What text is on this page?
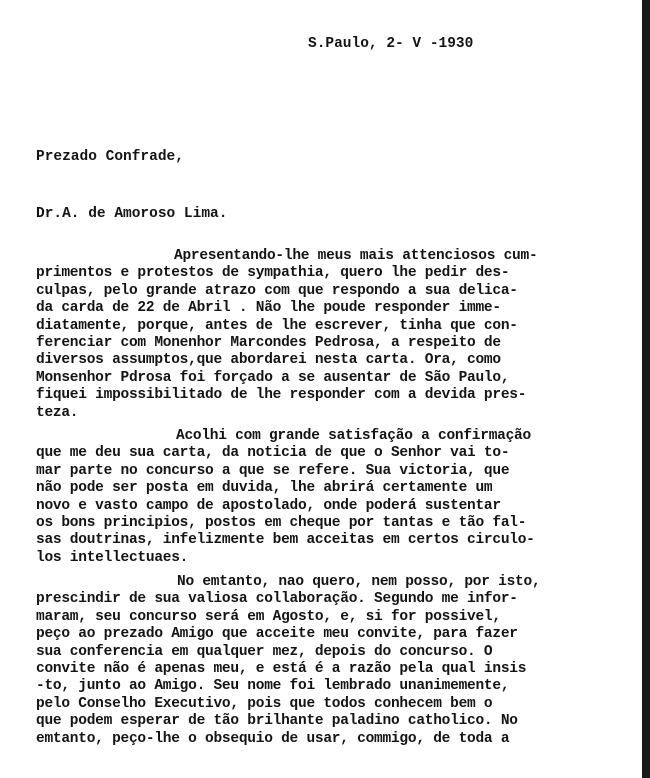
S.Paulo, 2- V -1930

Prezado Confrade,

Dr.A. de Amoroso Lima.

Apresentando-lhe meus mais attenciosos cum-
primentos e protestos de sympathia, quero lhe pedir des-
culpas, pelo grande atrazo com que respondo a sua delica-
da carda de 22 de Abril . Não lhe poude responder imme-
diatamente, porque, antes de lhe escrever, tinha que con-
ferenciar com Monenhor Marcondes Pedrosa, a respeito de
diversos assumptos,que abordarei nesta carta. Ora, como
Monsenhor Pdrosa foi forçado a se ausentar de São Paulo,
fiquei impossibilitado de lhe responder com a devida pres-
teza.
Acolhi com grande satisfação a confirmação
que me deu sua carta, da noticia de que o Senhor vai to-
mar parte no concurso a que se refere. Sua victoria, que
não pode ser posta em duvida, lhe abrirá certamente um
novo e vasto campo de apostolado, onde poderá sustentar
os bons principios, postos em cheque por tantas e tão fal-
sas doutrinas, infelizmente bem acceitas em certos circulo-
los intellectuaes.
No emtanto, nao quero, nem posso, por isto,
prescindir de sua valiosa collaboração. Segundo me infor-
maram, seu concurso será em Agosto, e, si for possivel,
peço ao prezado Amigo que acceite meu convite, para fazer
sua conferencia em qualquer mez, depois do concurso. O
convite não é apenas meu, e está é a razão pela qual insis
-to, junto ao Amigo. Seu nome foi lembrado unanimemente,
pelo Conselho Executivo, pois que todos conhecem bem o
que podem esperar de tão brilhante paladino catholico. No
emtanto, peço-lhe o obsequio de usar, commigo, de toda a
